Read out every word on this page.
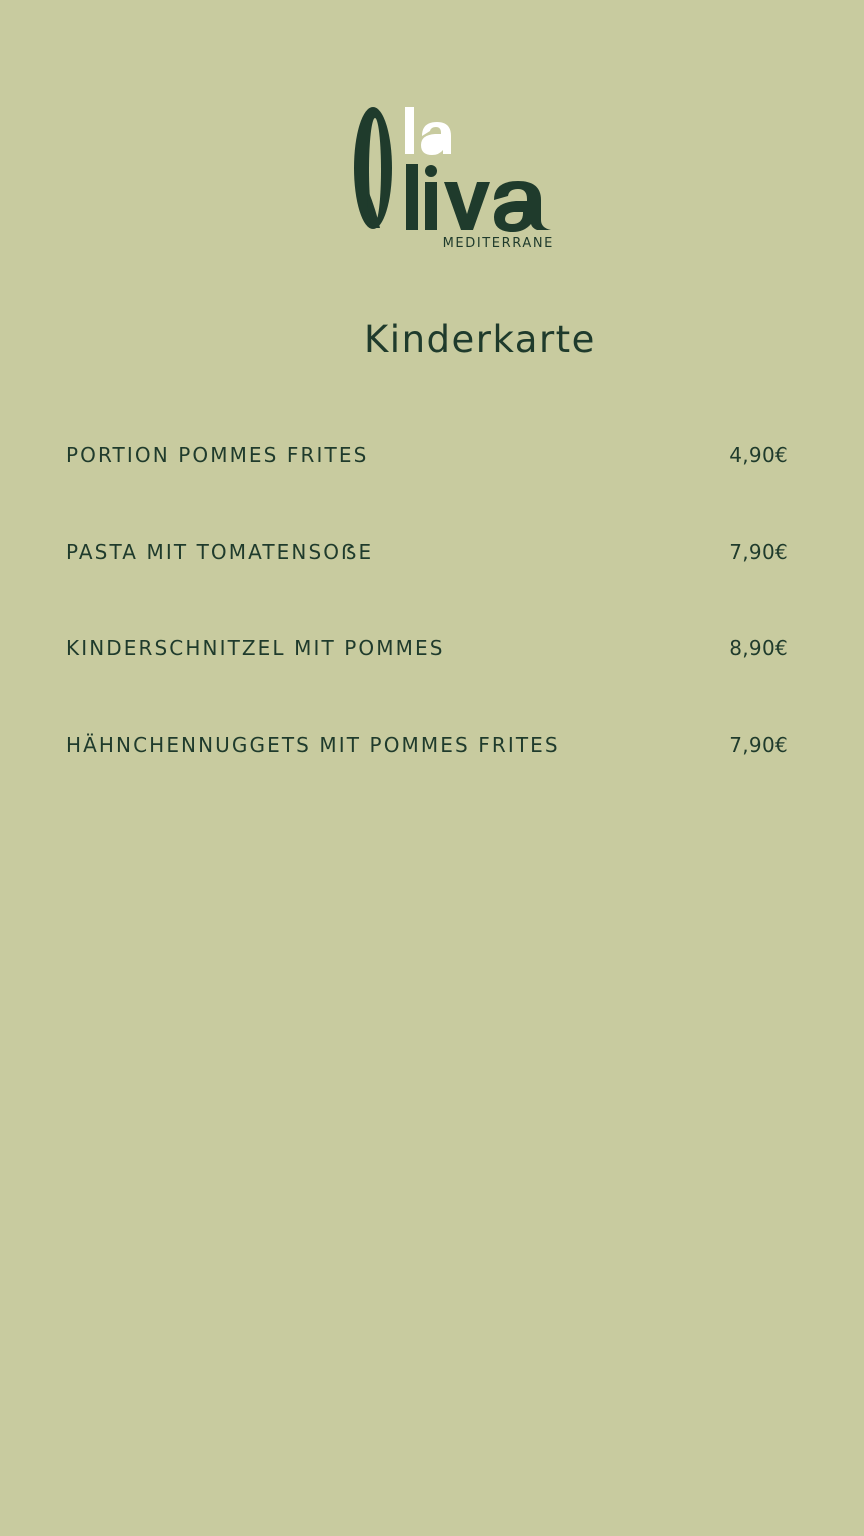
MEDITERRANE
Kinderkarte
PORTION POMMES FRITES	4,90€
PASTA MIT TOMATENSOẞE	7,90€
KINDERSCHNITZEL MIT POMMES	8,90€
HÄHNCHENNUGGETS MIT POMMES FRITES	7,90€
